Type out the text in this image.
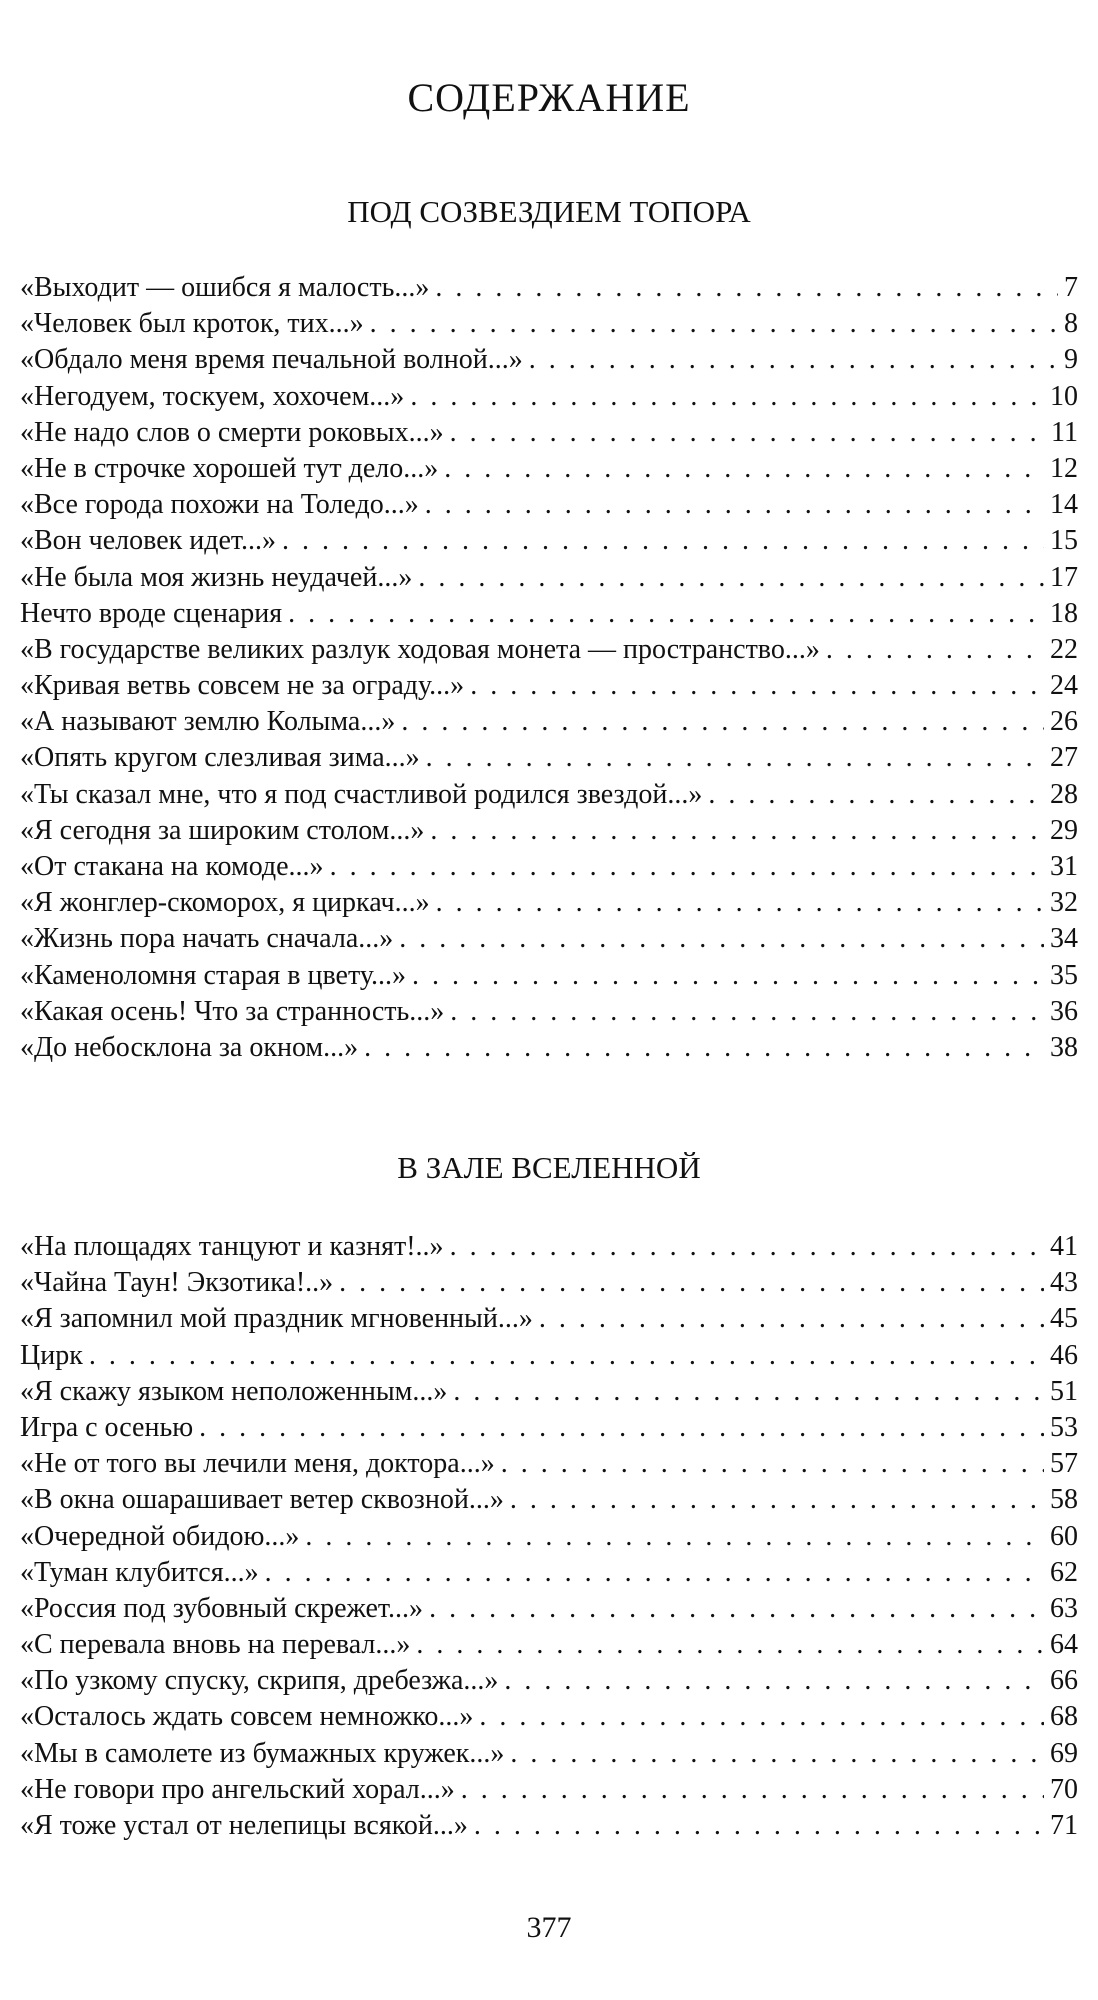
СОДЕРЖАНИЕ
ПОД СОЗВЕЗДИЕМ ТОПОРА
«Выходит — ошибся я малость...» . . .	7
«Человек был кроток, тих...» . . .	8
«Обдало меня время печальной волной...» . . .	9
«Негодуем, тоскуем, хохочем...» . . .	10
«Не надо слов о смерти роковых...» . . .	11
«Не в строчке хорошей тут дело...» . . .	12
«Все города похожи на Толедо...» . . .	14
«Вон человек идет...» . . .	15
«Не была моя жизнь неудачей...» . . .	17
Нечто вроде сценария . . .	18
«В государстве великих разлук ходовая монета — пространство...» . . .	22
«Кривая ветвь совсем не за ограду...» . . .	24
«А называют землю Колыма...» . . .	26
«Опять кругом слезливая зима...» . . .	27
«Ты сказал мне, что я под счастливой родился звездой...» . . .	28
«Я сегодня за широким столом...» . . .	29
«От стакана на комоде...» . . .	31
«Я жонглер-скоморох, я циркач...» . . .	32
«Жизнь пора начать сначала...» . . .	34
«Каменоломня старая в цвету...» . . .	35
«Какая осень! Что за странность...» . . .	36
«До небосклона за окном...» . . .	38
В ЗАЛЕ ВСЕЛЕННОЙ
«На площадях танцуют и казнят!..» . . .	41
«Чайна Таун! Экзотика!..» . . .	43
«Я запомнил мой праздник мгновенный...» . . .	45
Цирк . . .	46
«Я скажу языком неположенным...» . . .	51
Игра с осенью . . .	53
«Не от того вы лечили меня, доктора...» . . .	57
«В окна ошарашивает ветер сквозной...» . . .	58
«Очередной обидою...» . . .	60
«Туман клубится...» . . .	62
«Россия под зубовный скрежет...» . . .	63
«С перевала вновь на перевал...» . . .	64
«По узкому спуску, скрипя, дребезжа...» . . .	66
«Осталось ждать совсем немножко...» . . .	68
«Мы в самолете из бумажных кружек...» . . .	69
«Не говори про ангельский хорал...» . . .	70
«Я тоже устал от нелепицы всякой...» . . .	71
377
